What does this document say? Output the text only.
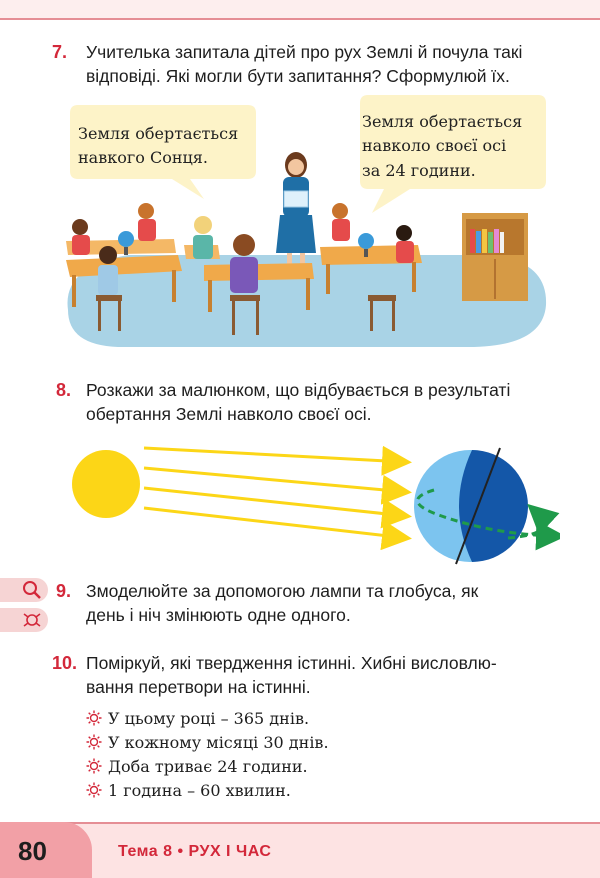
7. Учителька запитала дітей про рух Землі й почула такі
відповіді. Які могли бути запитання? Сформулюй їх.
Земля обертається
навкого Сонця.
Земля обертається
навколо своєї осі
за 24 години.
8. Розкажи за малюнком, що відбувається в результаті
обертання Землі навколо своєї осі.
9. Змоделюйте за допомогою лампи та глобуса, як
день і ніч змінюють одне одного.
10. Поміркуй, які твердження істинні. Хибні висловлю-
вання перетвори на істинні.
У цьому році – 365 днів.
У кожному місяці 30 днів.
Доба триває 24 години.
1 година – 60 хвилин.
80	Тема 8 • РУХ І ЧАС
